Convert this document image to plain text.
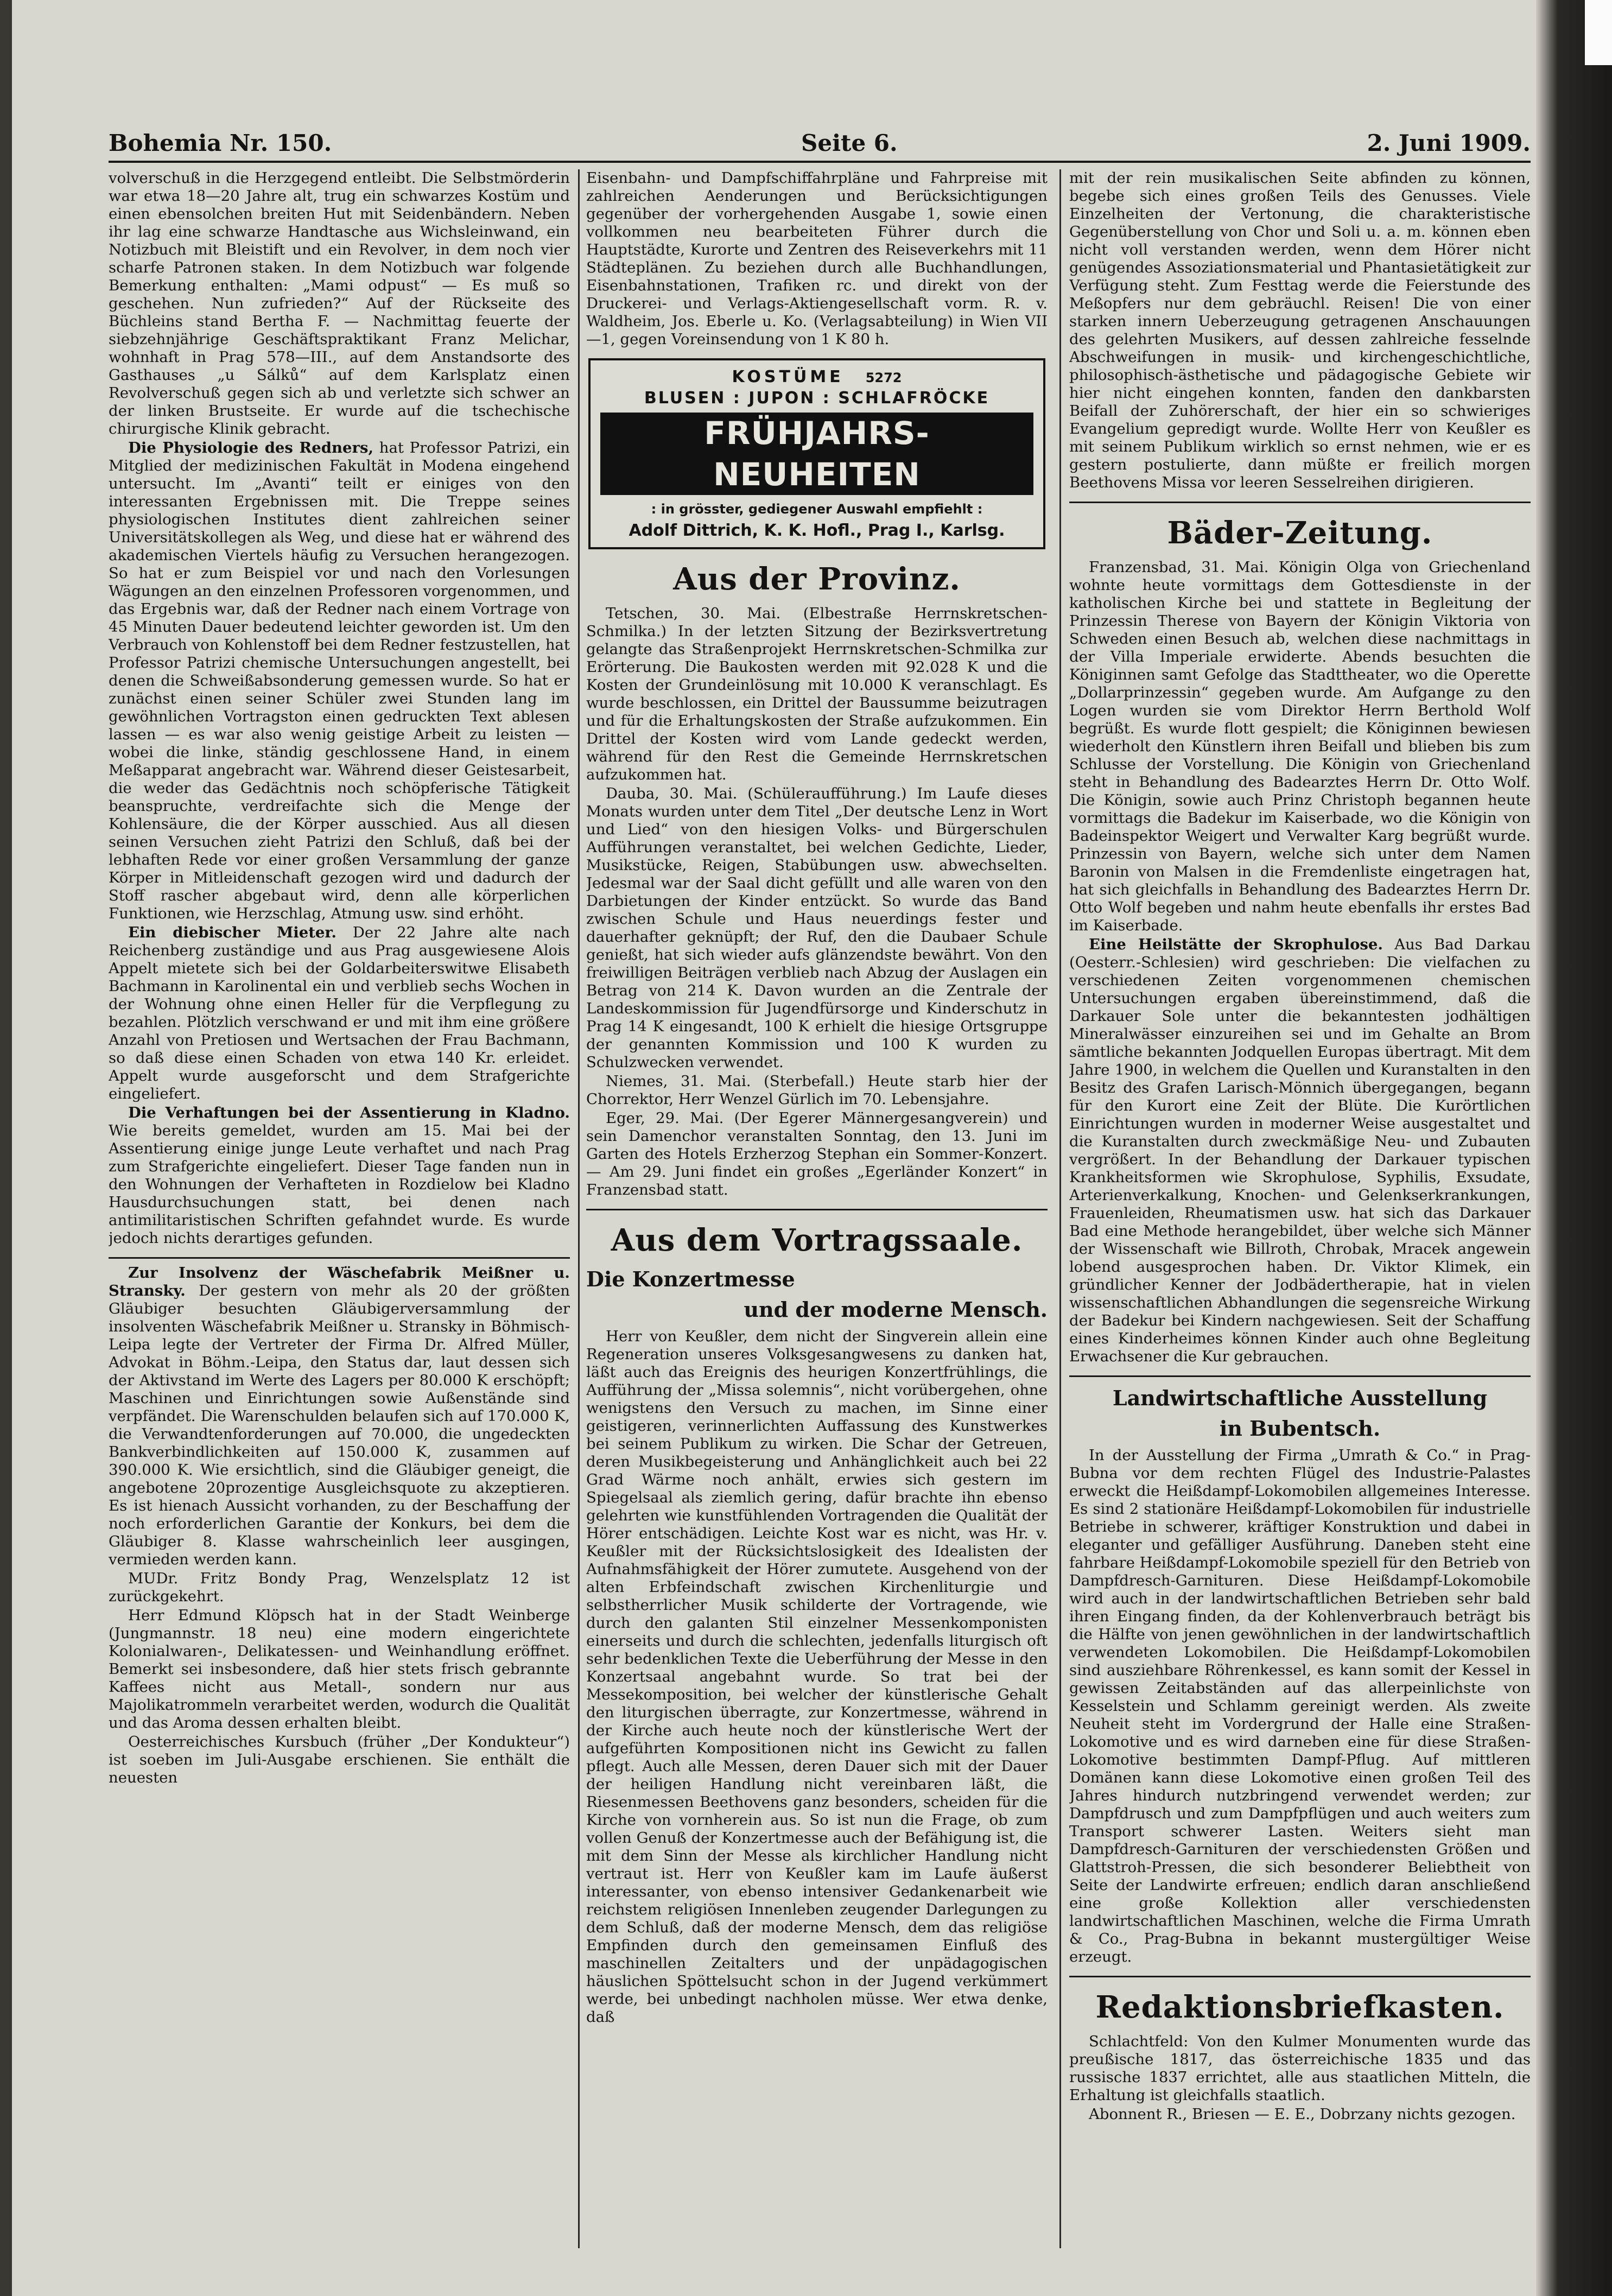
Bohemia Nr. 150.	Seite 6.	2. Juni 1909.

volverschuß in die Herzgegend entleibt. Die Selbstmörderin war etwa 18—20 Jahre alt, trug ein schwarzes Kostüm und einen ebensolchen breiten Hut mit Seidenbändern. Neben ihr lag eine schwarze Handtasche aus Wichsleinwand, ein Notizbuch mit Bleistift und ein Revolver, in dem noch vier scharfe Patronen staken. In dem Notizbuch war folgende Bemerkung enthalten: „Mami odpust“ — Es muß so geschehen. Nun zufrieden?“ Auf der Rückseite des Büchleins stand Bertha F. — Nachmittag feuerte der siebzehnjährige Geschäftspraktikant Franz Melichar, wohnhaft in Prag 578—III., auf dem Anstandsorte des Gasthauses „u Sálků“ auf dem Karlsplatz einen Revolverschuß gegen sich ab und verletzte sich schwer an der linken Brustseite. Er wurde auf die tschechische chirurgische Klinik gebracht.

Die Physiologie des Redners, hat Professor Patrizi, ein Mitglied der medizinischen Fakultät in Modena eingehend untersucht. Im „Avanti“ teilt er einiges von den interessanten Ergebnissen mit. Die Treppe seines physiologischen Institutes dient zahlreichen seiner Universitätskollegen als Weg, und diese hat er während des akademischen Viertels häufig zu Versuchen herangezogen. So hat er zum Beispiel vor und nach den Vorlesungen Wägungen an den einzelnen Professoren vorgenommen, und das Ergebnis war, daß der Redner nach einem Vortrage von 45 Minuten Dauer bedeutend leichter geworden ist. Um den Verbrauch von Kohlenstoff bei dem Redner festzustellen, hat Professor Patrizi chemische Untersuchungen angestellt, bei denen die Schweißabsonderung gemessen wurde. So hat er zunächst einen seiner Schüler zwei Stunden lang im gewöhnlichen Vortragston einen gedruckten Text ablesen lassen — es war also wenig geistige Arbeit zu leisten — wobei die linke, ständig geschlossene Hand, in einem Meßapparat angebracht war. Während dieser Geistesarbeit, die weder das Gedächtnis noch schöpferische Tätigkeit beanspruchte, verdreifachte sich die Menge der Kohlensäure, die der Körper ausschied. Aus all diesen seinen Versuchen zieht Patrizi den Schluß, daß bei der lebhaften Rede vor einer großen Versammlung der ganze Körper in Mitleidenschaft gezogen wird und dadurch der Stoff rascher abgebaut wird, denn alle körperlichen Funktionen, wie Herzschlag, Atmung usw. sind erhöht.

Ein diebischer Mieter. Der 22 Jahre alte nach Reichenberg zuständige und aus Prag ausgewiesene Alois Appelt mietete sich bei der Goldarbeiterswitwe Elisabeth Bachmann in Karolinental ein und verblieb sechs Wochen in der Wohnung ohne einen Heller für die Verpflegung zu bezahlen. Plötzlich verschwand er und mit ihm eine größere Anzahl von Pretiosen und Wertsachen der Frau Bachmann, so daß diese einen Schaden von etwa 140 Kr. erleidet. Appelt wurde ausgeforscht und dem Strafgerichte eingeliefert.

Die Verhaftungen bei der Assentierung in Kladno. Wie bereits gemeldet, wurden am 15. Mai bei der Assentierung einige junge Leute verhaftet und nach Prag zum Strafgerichte eingeliefert. Dieser Tage fanden nun in den Wohnungen der Verhafteten in Rozdielow bei Kladno Hausdurchsuchungen statt, bei denen nach antimilitaristischen Schriften gefahndet wurde. Es wurde jedoch nichts derartiges gefunden.

Zur Insolvenz der Wäschefabrik Meißner u. Stransky. Der gestern von mehr als 20 der größten Gläubiger besuchten Gläubigerversammlung der insolventen Wäschefabrik Meißner u. Stransky in Böhmisch-Leipa legte der Vertreter der Firma Dr. Alfred Müller, Advokat in Böhm.-Leipa, den Status dar, laut dessen sich der Aktivstand im Werte des Lagers per 80.000 K erschöpft; Maschinen und Einrichtungen sowie Außenstände sind verpfändet. Die Warenschulden belaufen sich auf 170.000 K, die Verwandtenforderungen auf 70.000, die ungedeckten Bankverbindlichkeiten auf 150.000 K, zusammen auf 390.000 K. Wie ersichtlich, sind die Gläubiger geneigt, die angebotene 20prozentige Ausgleichsquote zu akzeptieren. Es ist hienach Aussicht vorhanden, zu der Beschaffung der noch erforderlichen Garantie der Konkurs, bei dem die Gläubiger 8. Klasse wahrscheinlich leer ausgingen, vermieden werden kann.

MUDr. Fritz Bondy Prag, Wenzelsplatz 12 ist zurückgekehrt.

Herr Edmund Klöpsch hat in der Stadt Weinberge (Jungmannstr. 18 neu) eine modern eingerichtete Kolonialwaren-, Delikatessen- und Weinhandlung eröffnet. Bemerkt sei insbesondere, daß hier stets frisch gebrannte Kaffees nicht aus Metall-, sondern nur aus Majolikatrommeln verarbeitet werden, wodurch die Qualität und das Aroma dessen erhalten bleibt.

Oesterreichisches Kursbuch (früher „Der Kondukteur“) ist soeben im Juli-Ausgabe erschienen. Sie enthält die neuesten

Eisenbahn- und Dampfschiffahrpläne und Fahrpreise mit zahlreichen Aenderungen und Berücksichtigungen gegenüber der vorhergehenden Ausgabe 1, sowie einen vollkommen neu bearbeiteten Führer durch die Hauptstädte, Kurorte und Zentren des Reiseverkehrs mit 11 Städteplänen. Zu beziehen durch alle Buchhandlungen, Eisenbahnstationen, Trafiken rc. und direkt von der Druckerei- und Verlags-Aktiengesellschaft vorm. R. v. Waldheim, Jos. Eberle u. Ko. (Verlagsabteilung) in Wien VII—1, gegen Voreinsendung von 1 K 80 h.

KOSTÜME 5272
BLUSEN : JUPON : SCHLAFRÖCKE
FRÜHJAHRS-NEUHEITEN
: in grösster, gediegener Auswahl empfiehlt :
Adolf Dittrich, K. K. Hofl., Prag I., Karlsg.
Aus der Provinz.

Tetschen, 30. Mai. (Elbestraße Herrnskretschen-Schmilka.) In der letzten Sitzung der Bezirksvertretung gelangte das Straßenprojekt Herrnskretschen-Schmilka zur Erörterung. Die Baukosten werden mit 92.028 K und die Kosten der Grundeinlösung mit 10.000 K veranschlagt. Es wurde beschlossen, ein Drittel der Baussumme beizutragen und für die Erhaltungskosten der Straße aufzukommen. Ein Drittel der Kosten wird vom Lande gedeckt werden, während für den Rest die Gemeinde Herrnskretschen aufzukommen hat.

Dauba, 30. Mai. (Schüleraufführung.) Im Laufe dieses Monats wurden unter dem Titel „Der deutsche Lenz in Wort und Lied“ von den hiesigen Volks- und Bürgerschulen Aufführungen veranstaltet, bei welchen Gedichte, Lieder, Musikstücke, Reigen, Stabübungen usw. abwechselten. Jedesmal war der Saal dicht gefüllt und alle waren von den Darbietungen der Kinder entzückt. So wurde das Band zwischen Schule und Haus neuerdings fester und dauerhafter geknüpft; der Ruf, den die Daubaer Schule genießt, hat sich wieder aufs glänzendste bewährt. Von den freiwilligen Beiträgen verblieb nach Abzug der Auslagen ein Betrag von 214 K. Davon wurden an die Zentrale der Landeskommission für Jugendfürsorge und Kinderschutz in Prag 14 K eingesandt, 100 K erhielt die hiesige Ortsgruppe der genannten Kommission und 100 K wurden zu Schulzwecken verwendet.

Niemes, 31. Mai. (Sterbefall.) Heute starb hier der Chorrektor, Herr Wenzel Gürlich im 70. Lebensjahre.

Eger, 29. Mai. (Der Egerer Männergesangverein) und sein Damenchor veranstalten Sonntag, den 13. Juni im Garten des Hotels Erzherzog Stephan ein Sommer-Konzert. — Am 29. Juni findet ein großes „Egerländer Konzert“ in Franzensbad statt.

Aus dem Vortragssaale.
Die Konzertmesse
und der moderne Mensch.

Herr von Keußler, dem nicht der Singverein allein eine Regeneration unseres Volksgesangwesens zu danken hat, läßt auch das Ereignis des heurigen Konzertfrühlings, die Aufführung der „Missa solemnis“, nicht vorübergehen, ohne wenigstens den Versuch zu machen, im Sinne einer geistigeren, verinnerlichten Auffassung des Kunstwerkes bei seinem Publikum zu wirken. Die Schar der Getreuen, deren Musikbegeisterung und Anhänglichkeit auch bei 22 Grad Wärme noch anhält, erwies sich gestern im Spiegelsaal als ziemlich gering, dafür brachte ihn ebenso gelehrten wie kunstfühlenden Vortragenden die Qualität der Hörer entschädigen. Leichte Kost war es nicht, was Hr. v. Keußler mit der Rücksichtslosigkeit des Idealisten der Aufnahmsfähigkeit der Hörer zumutete. Ausgehend von der alten Erbfeindschaft zwischen Kirchenliturgie und selbstherrlicher Musik schilderte der Vortragende, wie durch den galanten Stil einzelner Messenkomponisten einerseits und durch die schlechten, jedenfalls liturgisch oft sehr bedenklichen Texte die Ueberführung der Messe in den Konzertsaal angebahnt wurde. So trat bei der Messekomposition, bei welcher der künstlerische Gehalt den liturgischen überragte, zur Konzertmesse, während in der Kirche auch heute noch der künstlerische Wert der aufgeführten Kompositionen nicht ins Gewicht zu fallen pflegt. Auch alle Messen, deren Dauer sich mit der Dauer der heiligen Handlung nicht vereinbaren läßt, die Riesenmessen Beethovens ganz besonders, scheiden für die Kirche von vornherein aus. So ist nun die Frage, ob zum vollen Genuß der Konzertmesse auch der Befähigung ist, die mit dem Sinn der Messe als kirchlicher Handlung nicht vertraut ist. Herr von Keußler kam im Laufe äußerst interessanter, von ebenso intensiver Gedankenarbeit wie reichstem religiösen Innenleben zeugender Darlegungen zu dem Schluß, daß der moderne Mensch, dem das religiöse Empfinden durch den gemeinsamen Einfluß des maschinellen Zeitalters und der unpädagogischen häuslichen Spöttelsucht schon in der Jugend verkümmert werde, bei unbedingt nachholen müsse. Wer etwa denke, daß

mit der rein musikalischen Seite abfinden zu können, begebe sich eines großen Teils des Genusses. Viele Einzelheiten der Vertonung, die charakteristische Gegenüberstellung von Chor und Soli u. a. m. können eben nicht voll verstanden werden, wenn dem Hörer nicht genügendes Assoziationsmaterial und Phantasietätigkeit zur Verfügung steht. Zum Festtag werde die Feierstunde des Meßopfers nur dem gebräuchl. Reisen! Die von einer starken innern Ueberzeugung getragenen Anschauungen des gelehrten Musikers, auf dessen zahlreiche fesselnde Abschweifungen in musik- und kirchengeschichtliche, philosophisch-ästhetische und pädagogische Gebiete wir hier nicht eingehen konnten, fanden den dankbarsten Beifall der Zuhörerschaft, der hier ein so schwieriges Evangelium gepredigt wurde. Wollte Herr von Keußler es mit seinem Publikum wirklich so ernst nehmen, wie er es gestern postulierte, dann müßte er freilich morgen Beethovens Missa vor leeren Sesselreihen dirigieren.

Bäder-Zeitung.

Franzensbad, 31. Mai. Königin Olga von Griechenland wohnte heute vormittags dem Gottesdienste in der katholischen Kirche bei und stattete in Begleitung der Prinzessin Therese von Bayern der Königin Viktoria von Schweden einen Besuch ab, welchen diese nachmittags in der Villa Imperiale erwiderte. Abends besuchten die Königinnen samt Gefolge das Stadttheater, wo die Operette „Dollarprinzessin“ gegeben wurde. Am Aufgange zu den Logen wurden sie vom Direktor Herrn Berthold Wolf begrüßt. Es wurde flott gespielt; die Königinnen bewiesen wiederholt den Künstlern ihren Beifall und blieben bis zum Schlusse der Vorstellung. Die Königin von Griechenland steht in Behandlung des Badearztes Herrn Dr. Otto Wolf. Die Königin, sowie auch Prinz Christoph begannen heute vormittags die Badekur im Kaiserbade, wo die Königin von Badeinspektor Weigert und Verwalter Karg begrüßt wurde. Prinzessin von Bayern, welche sich unter dem Namen Baronin von Malsen in die Fremdenliste eingetragen hat, hat sich gleichfalls in Behandlung des Badearztes Herrn Dr. Otto Wolf begeben und nahm heute ebenfalls ihr erstes Bad im Kaiserbade.

Eine Heilstätte der Skrophulose. Aus Bad Darkau (Oesterr.-Schlesien) wird geschrieben: Die vielfachen zu verschiedenen Zeiten vorgenommenen chemischen Untersuchungen ergaben übereinstimmend, daß die Darkauer Sole unter die bekanntesten jodhältigen Mineralwässer einzureihen sei und im Gehalte an Brom sämtliche bekannten Jodquellen Europas übertragt. Mit dem Jahre 1900, in welchem die Quellen und Kuranstalten in den Besitz des Grafen Larisch-Mönnich übergegangen, begann für den Kurort eine Zeit der Blüte. Die Kurörtlichen Einrichtungen wurden in moderner Weise ausgestaltet und die Kuranstalten durch zweckmäßige Neu- und Zubauten vergrößert. In der Behandlung der Darkauer typischen Krankheitsformen wie Skrophulose, Syphilis, Exsudate, Arterienverkalkung, Knochen- und Gelenkserkrankungen, Frauenleiden, Rheumatismen usw. hat sich das Darkauer Bad eine Methode herangebildet, über welche sich Männer der Wissenschaft wie Billroth, Chrobak, Mracek angewein lobend ausgesprochen haben. Dr. Viktor Klimek, ein gründlicher Kenner der Jodbädertherapie, hat in vielen wissenschaftlichen Abhandlungen die segensreiche Wirkung der Badekur bei Kindern nachgewiesen. Seit der Schaffung eines Kinderheimes können Kinder auch ohne Begleitung Erwachsener die Kur gebrauchen.

Landwirtschaftliche Ausstellung
in Bubentsch.

In der Ausstellung der Firma „Umrath & Co.“ in Prag-Bubna vor dem rechten Flügel des Industrie-Palastes erweckt die Heißdampf-Lokomobilen allgemeines Interesse. Es sind 2 stationäre Heißdampf-Lokomobilen für industrielle Betriebe in schwerer, kräftiger Konstruktion und dabei in eleganter und gefälliger Ausführung. Daneben steht eine fahrbare Heißdampf-Lokomobile speziell für den Betrieb von Dampfdresch-Garnituren. Diese Heißdampf-Lokomobile wird auch in der landwirtschaftlichen Betrieben sehr bald ihren Eingang finden, da der Kohlenverbrauch beträgt bis die Hälfte von jenen gewöhnlichen in der landwirtschaftlich verwendeten Lokomobilen. Die Heißdampf-Lokomobilen sind ausziehbare Röhrenkessel, es kann somit der Kessel in gewissen Zeitabständen auf das allerpeinlichste von Kesselstein und Schlamm gereinigt werden. Als zweite Neuheit steht im Vordergrund der Halle eine Straßen-Lokomotive und es wird darneben eine für diese Straßen-Lokomotive bestimmten Dampf-Pflug. Auf mittleren Domänen kann diese Lokomotive einen großen Teil des Jahres hindurch nutzbringend verwendet werden; zur Dampfdrusch und zum Dampfpflügen und auch weiters zum Transport schwerer Lasten. Weiters sieht man Dampfdresch-Garnituren der verschiedensten Größen und Glattstroh-Pressen, die sich besonderer Beliebtheit von Seite der Landwirte erfreuen; endlich daran anschließend eine große Kollektion aller verschiedensten landwirtschaftlichen Maschinen, welche die Firma Umrath & Co., Prag-Bubna in bekannt mustergültiger Weise erzeugt.

Redaktionsbriefkasten.

Schlachtfeld: Von den Kulmer Monumenten wurde das preußische 1817, das österreichische 1835 und das russische 1837 errichtet, alle aus staatlichen Mitteln, die Erhaltung ist gleichfalls staatlich.

Abonnent R., Briesen — E. E., Dobrzany nichts gezogen.
